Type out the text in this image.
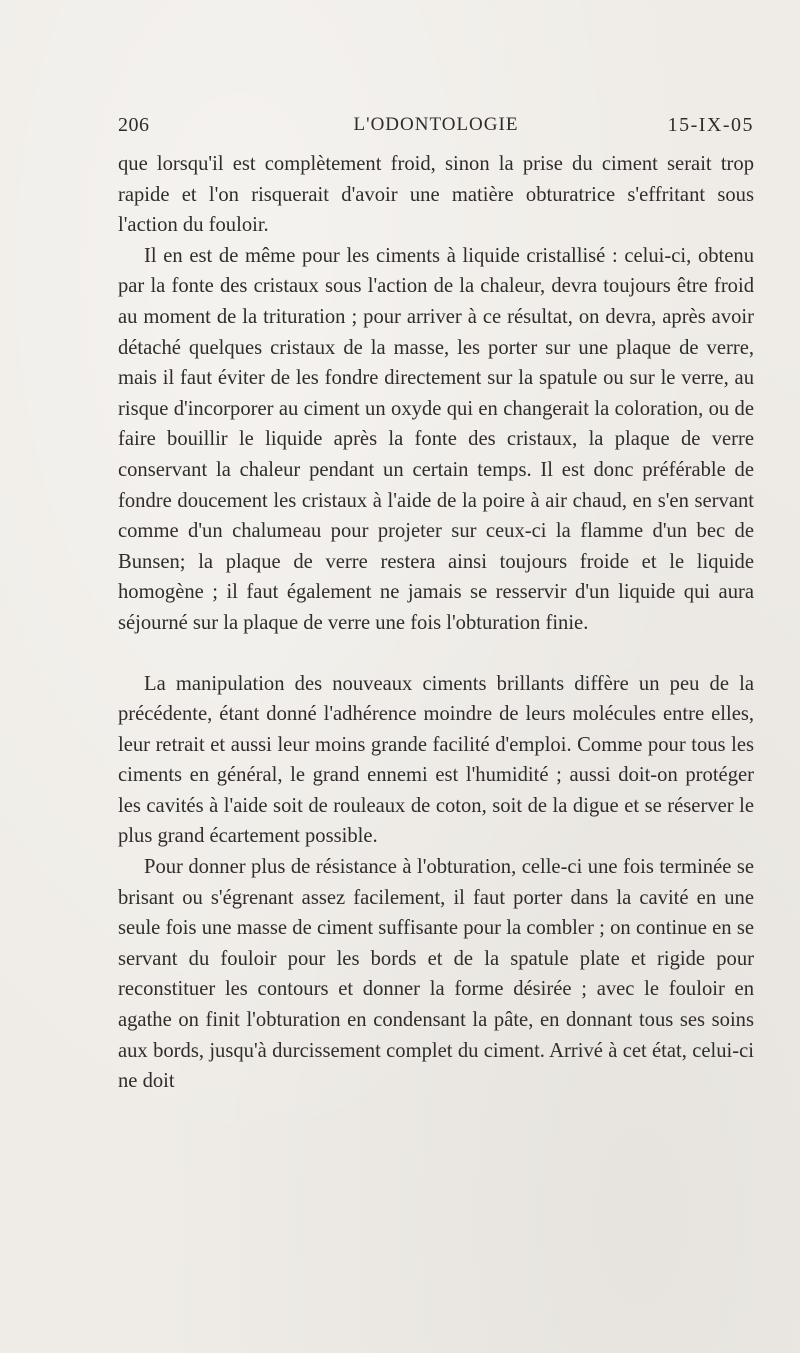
206	L'ODONTOLOGIE	15-IX-05

que lorsqu'il est complètement froid, sinon la prise du ciment serait trop rapide et l'on risquerait d'avoir une matière obturatrice s'effritant sous l'action du fouloir.

Il en est de même pour les ciments à liquide cristallisé : celui-ci, obtenu par la fonte des cristaux sous l'action de la chaleur, devra toujours être froid au moment de la trituration ; pour arriver à ce résultat, on devra, après avoir détaché quelques cristaux de la masse, les porter sur une plaque de verre, mais il faut éviter de les fondre directement sur la spatule ou sur le verre, au risque d'incorporer au ciment un oxyde qui en changerait la coloration, ou de faire bouillir le liquide après la fonte des cristaux, la plaque de verre conservant la chaleur pendant un certain temps. Il est donc préférable de fondre doucement les cristaux à l'aide de la poire à air chaud, en s'en servant comme d'un chalumeau pour projeter sur ceux-ci la flamme d'un bec de Bunsen; la plaque de verre restera ainsi toujours froide et le liquide homogène ; il faut également ne jamais se resservir d'un liquide qui aura séjourné sur la plaque de verre une fois l'obturation finie.

La manipulation des nouveaux ciments brillants diffère un peu de la précédente, étant donné l'adhérence moindre de leurs molécules entre elles, leur retrait et aussi leur moins grande facilité d'emploi. Comme pour tous les ciments en général, le grand ennemi est l'humidité ; aussi doit-on protéger les cavités à l'aide soit de rouleaux de coton, soit de la digue et se réserver le plus grand écartement possible.

Pour donner plus de résistance à l'obturation, celle-ci une fois terminée se brisant ou s'égrenant assez facilement, il faut porter dans la cavité en une seule fois une masse de ciment suffisante pour la combler ; on continue en se servant du fouloir pour les bords et de la spatule plate et rigide pour reconstituer les contours et donner la forme désirée ; avec le fouloir en agathe on finit l'obturation en condensant la pâte, en donnant tous ses soins aux bords, jusqu'à durcissement complet du ciment. Arrivé à cet état, celui-ci ne doit
